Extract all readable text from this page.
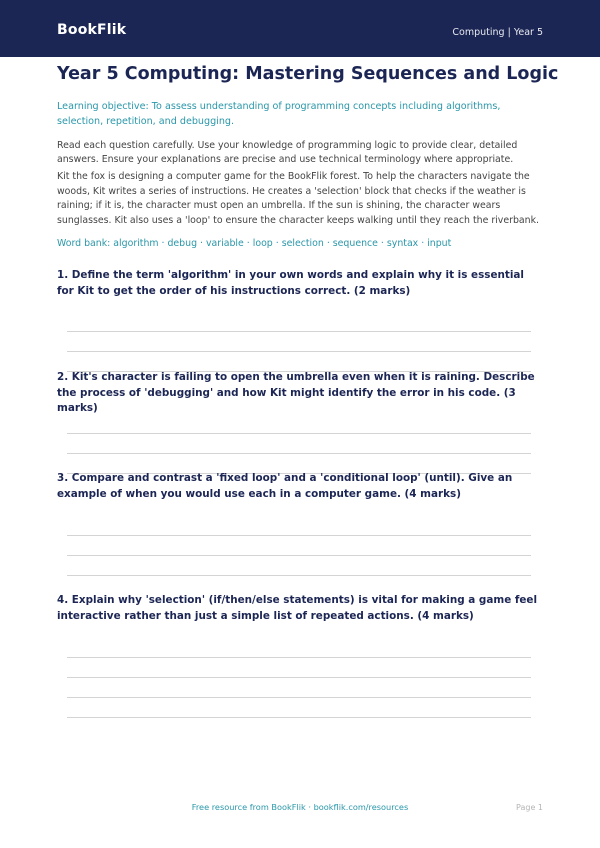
BookFlik	Computing | Year 5
Year 5 Computing: Mastering Sequences and Logic
Learning objective: To assess understanding of programming concepts including algorithms, selection, repetition, and debugging.
Read each question carefully. Use your knowledge of programming logic to provide clear, detailed answers. Ensure your explanations are precise and use technical terminology where appropriate.
Kit the fox is designing a computer game for the BookFlik forest. To help the characters navigate the woods, Kit writes a series of instructions. He creates a 'selection' block that checks if the weather is raining; if it is, the character must open an umbrella. If the sun is shining, the character wears sunglasses. Kit also uses a 'loop' to ensure the character keeps walking until they reach the riverbank.
Word bank: algorithm · debug · variable · loop · selection · sequence · syntax · input
1. Define the term 'algorithm' in your own words and explain why it is essential for Kit to get the order of his instructions correct. (2 marks)
2. Kit's character is failing to open the umbrella even when it is raining. Describe the process of 'debugging' and how Kit might identify the error in his code. (3 marks)
3. Compare and contrast a 'fixed loop' and a 'conditional loop' (until). Give an example of when you would use each in a computer game. (4 marks)
4. Explain why 'selection' (if/then/else statements) is vital for making a game feel interactive rather than just a simple list of repeated actions. (4 marks)
Free resource from BookFlik · bookflik.com/resources	Page 1
